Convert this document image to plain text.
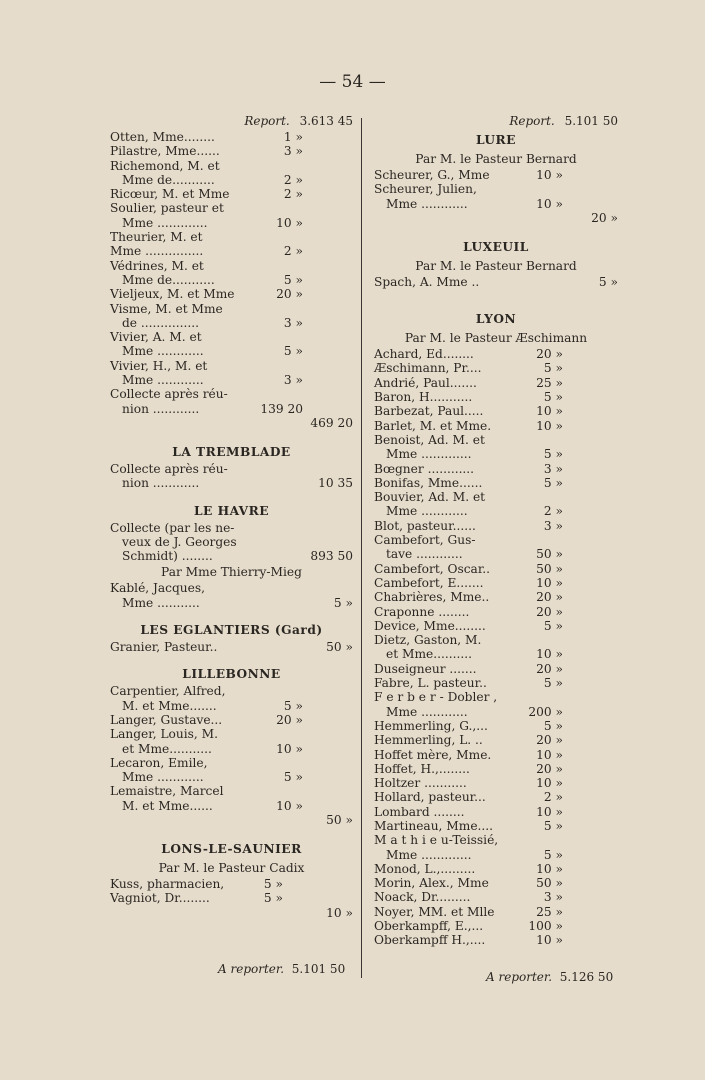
— 54 —
Report. 3.613 45
Otten, Mme........	1 »
Pilastre, Mme......	3 »
Richemond, M. et
Mme de...........	2 »
Ricœur, M. et Mme	2 »
Soulier, pasteur et
Mme .............	10 »
Theurier, M. et
Mme ...............	2 »
Védrines, M. et
Mme de...........	5 »
Vieljeux, M. et Mme	20 »
Visme, M. et Mme
de ...............	3 »
Vivier, A. M. et
Mme ............	5 »
Vivier, H., M. et
Mme ............	3 »
Collecte après réu-
nion ............	139 20
469 20
LA TREMBLADE
Collecte après réu-
nion ............	10 35
LE HAVRE
Collecte (par les ne-
veux de J. Georges
Schmidt) ........	893 50
Par Mme Thierry-Mieg
Kablé, Jacques,
Mme ...........	5 »
LES EGLANTIERS (Gard)
Granier, Pasteur..	50 »
LILLEBONNE
Carpentier, Alfred,
M. et Mme.......	5 »
Langer, Gustave...	20 »
Langer, Louis, M.
et Mme...........	10 »
Lecaron, Emile,
Mme ............	5 »
Lemaistre, Marcel
M. et Mme......	10 »
50 »
LONS-LE-SAUNIER
Par M. le Pasteur Cadix
Kuss, pharmacien,	5 »
Vagniot, Dr........	5 »
10 »
Report. 5.101 50
LURE
Par M. le Pasteur Bernard
Scheurer, G., Mme	10 »
Scheurer, Julien,
Mme ............	10 »
20 »
LUXEUIL
Par M. le Pasteur Bernard
Spach, A. Mme ..	5 »
LYON
Par M. le Pasteur Æschimann
Achard, Ed........	20 »
Æschimann, Pr....	5 »
Andrié, Paul.......	25 »
Baron, H...........	5 »
Barbezat, Paul.....	10 »
Barlet, M. et Mme.	10 »
Benoist, Ad. M. et
Mme .............	5 »
Bœgner ............	3 »
Bonifas, Mme......	5 »
Bouvier, Ad. M. et
Mme ............	2 »
Blot, pasteur......	3 »
Cambefort, Gus-
tave ............	50 »
Cambefort, Oscar..	50 »
Cambefort, E.......	10 »
Chabrières, Mme..	20 »
Craponne ........	20 »
Device, Mme........	5 »
Dietz, Gaston, M.
et Mme..........	10 »
Duseigneur .......	20 »
Fabre, L. pasteur..	5 »
F e r b e r - Dobler ,
Mme ............	200 »
Hemmerling, G.,...	5 »
Hemmerling, L. ..	20 »
Hoffet mère, Mme.	10 »
Hoffet, H.,........	20 »
Holtzer ...........	10 »
Hollard, pasteur...	2 »
Lombard ........	10 »
Martineau, Mme....	5 »
M a t h i e u-Teissié,
Mme .............	5 »
Monod, L.,.........	10 »
Morin, Alex., Mme	50 »
Noack, Dr.........	3 »
Noyer, MM. et Mlle	25 »
Oberkampff, E.,...	100 »
Oberkampff H.,....	10 »
A reporter. 5.101 50
A reporter. 5.126 50
